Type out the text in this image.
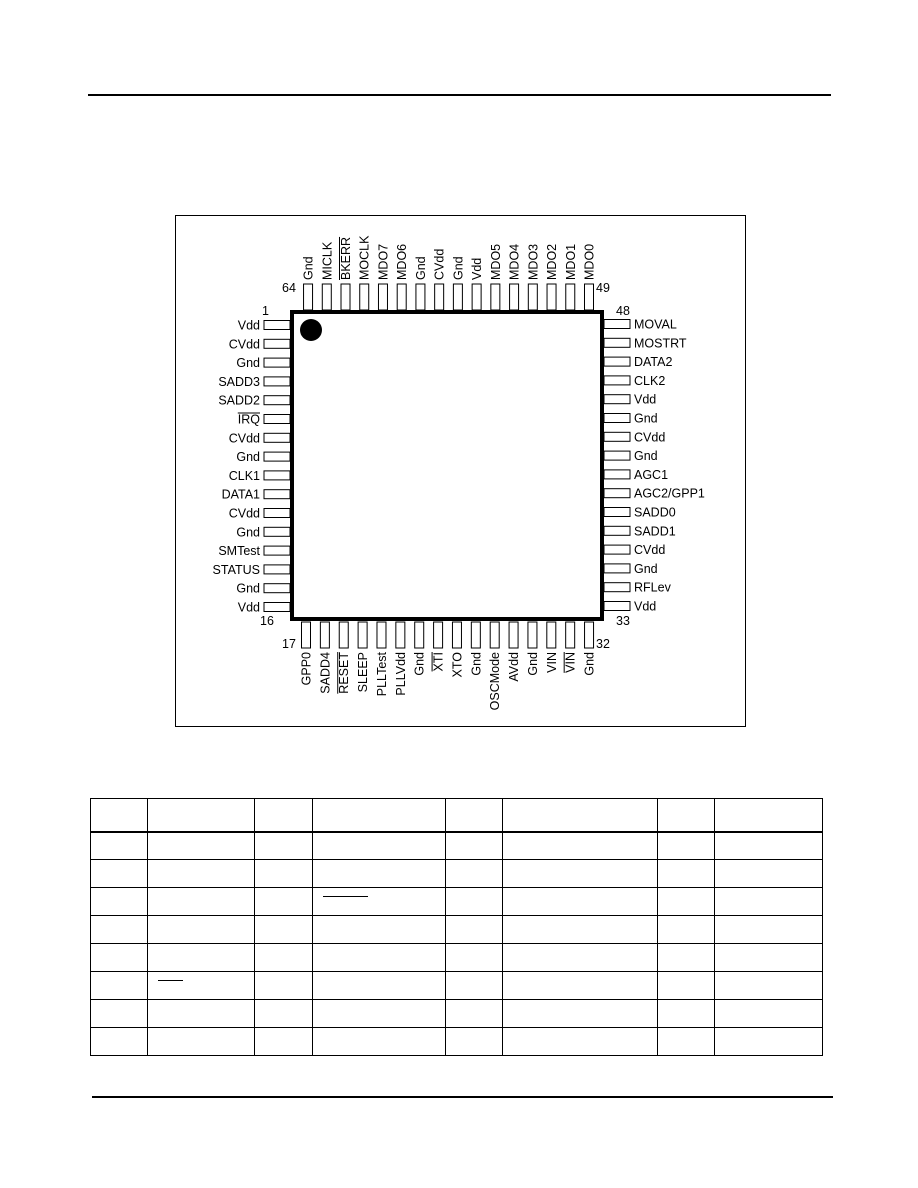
Vdd
CVdd
Gnd
SADD3
SADD2
IRQ
CVdd
Gnd
CLK1
DATA1
CVdd
Gnd
SMTest
STATUS
Gnd
Vdd	Vdd
RFLev
Gnd
CVdd
SADD1
SADD0
AGC2/GPP1
AGC1
Gnd
CVdd
Gnd
Vdd
CLK2
DATA2
MOSTRT
MOVAL
MDO0
MDO1
MDO2
MDO3
MDO4
MDO5
Vdd
Gnd
CVdd
Gnd
MDO6
MDO7
MOCLK
BKERR
MICLK
Gnd
GPP0 SADD4 RESET SLEEP PLLTest PLLVdd Gnd XTI XTO Gnd OSCMode AVdd Gnd VIN VIN Gnd
1
16
17	32
33
48
49
64
